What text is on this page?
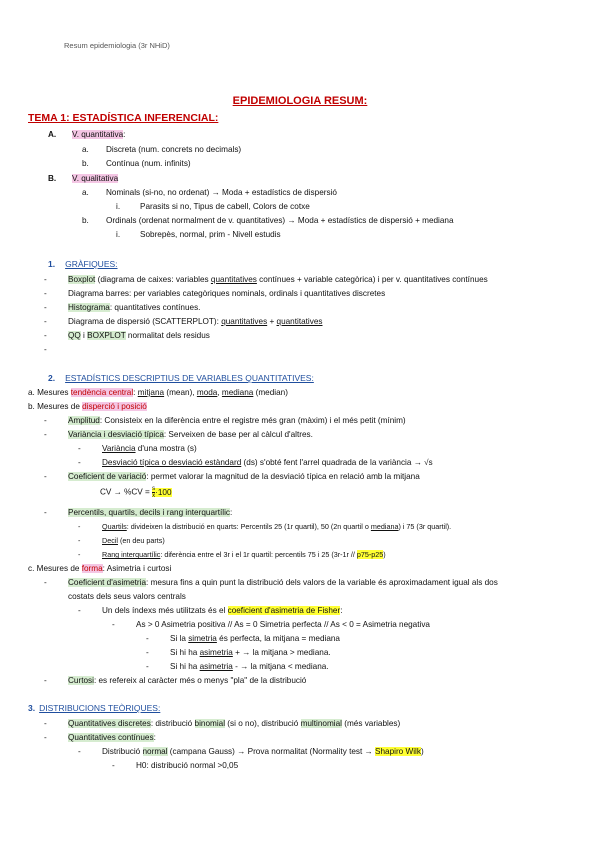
Resum epidemiologia (3r NHiD)
EPIDEMIOLOGIA RESUM:
TEMA 1: ESTADÍSTICA INFERENCIAL:
A. V. quantitativa:
a. Discreta (num. concrets no decimals)
b. Contínua (num. infinits)
B. V. qualitativa
a. Nominals (si-no, no ordenat) → Moda + estadístics de dispersió
i. Parasits si no, Tipus de cabell, Colors de cotxe
b. Ordinals (ordenat normalment de v. quantitatives) → Moda + estadístics de dispersió + mediana
i. Sobrepès, normal, prim - Nivell estudis
1. GRÀFIQUES:
-	Boxplot (diagrama de caixes: variables quantitatives contínues + variable categòrica) i per v. quantitatives contínues
-	Diagrama barres: per variables categòriques nominals, ordinals i quantitatives discretes
-	Histograma: quantitatives contínues.
-	Diagrama de dispersió (SCATTERPLOT): quantitatives + quantitatives
-	QQ i BOXPLOT normalitat dels residus
-
2. ESTADÍSTICS DESCRIPTIUS DE VARIABLES QUANTITATIVES:
a. Mesures tendència central: mitjana (mean), moda, mediana (median)
b. Mesures de disperció i posició
-	Amplitud: Consisteix en la diferència entre el registre més gran (màxim) i el més petit (mínim)
-	Variància i desviació típica: Serveixen de base per al càlcul d'altres.
-	Variància d'una mostra (s)
-	Desviació típica o desviació estàndard (ds) s'obté fent l'arrel quadrada de la variància → √s
-	Coeficient de variació: permet valorar la magnitud de la desviació típica en relació amb la mitjana
CV → $\%CV = \frac{s}{x̄} \cdot 100$
-	Percentils, quartils, decils i rang interquartílic:
-	Quartils: divideixen la distribució en quarts: Percentils 25 (1r quartil), 50 (2n quartil o mediana) i 75 (3r quartil).
-	Decil (en deu parts)
-	Rang interquartílic: diferència entre el 3r i el 1r quartil: percentils 75 i 25 (3r-1r // p75-p25)
c. Mesures de forma: Asimetria i curtosi
-	Coeficient d'asimetria: mesura fins a quin punt la distribució dels valors de la variable és aproximadament igual als dos
costats dels seus valors centrals
-	Un dels índexs més utilitzats és el coeficient d'asimetria de Fisher:
-	As > 0 Asimetria positiva // As = 0 Simetria perfecta // As < 0 = Asimetria negativa
-	Si la simetria és perfecta, la mitjana = mediana
-	Si hi ha asimetria + → la mitjana > mediana.
-	Si hi ha asimetria - → la mitjana < mediana.
-	Curtosi: es refereix al caràcter més o menys "pla" de la distribució
3. DISTRIBUCIONS TEÒRIQUES:
-	Quantitatives discretes: distribució binomial (si o no), distribució multinomial (més variables)
-	Quantitatives contínues:
-	Distribució normal (campana Gauss) → Prova normalitat (Normality test → Shapiro Wilk)
-	H0: distribució normal >0,05
